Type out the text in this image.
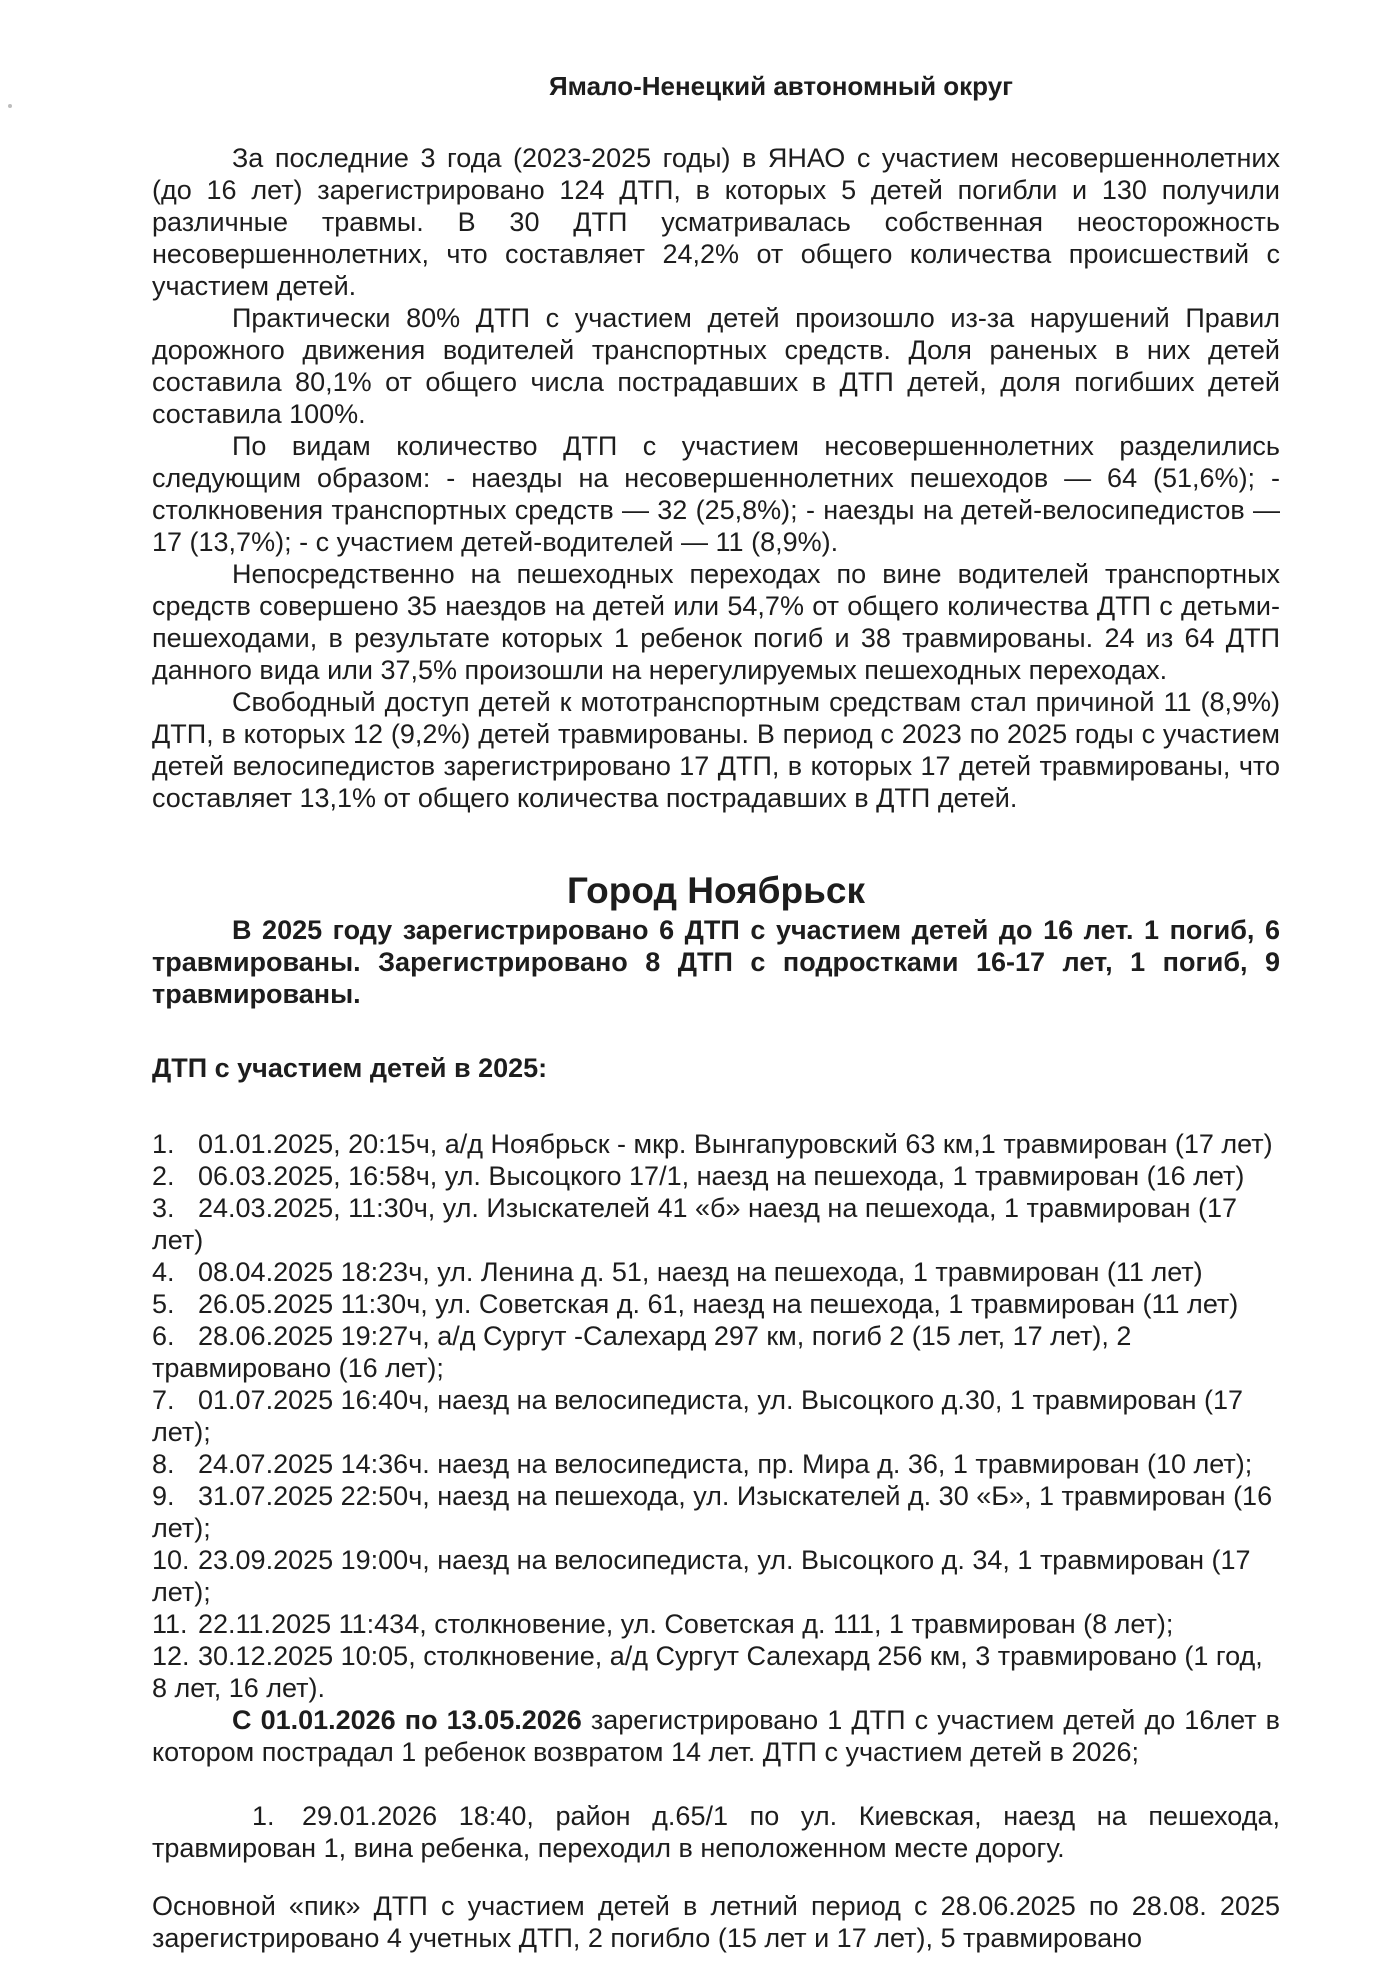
Ямало-Ненецкий автономный округ

За последние 3 года (2023-2025 годы) в ЯНАО с участием несовершеннолетних (до 16 лет) зарегистрировано 124 ДТП, в которых 5 детей погибли и 130 получили различные травмы. В 30 ДТП усматривалась собственная неосторожность несовершеннолетних, что составляет 24,2% от общего количества происшествий с участием детей.

Практически 80% ДТП с участием детей произошло из-за нарушений Правил дорожного движения водителей транспортных средств. Доля раненых в них детей составила 80,1% от общего числа пострадавших в ДТП детей, доля погибших детей составила 100%.

По видам количество ДТП с участием несовершеннолетних разделились следующим образом: - наезды на несовершеннолетних пешеходов — 64 (51,6%); - столкновения транспортных средств — 32 (25,8%); - наезды на детей-велосипедистов — 17 (13,7%); - с участием детей-водителей — 11 (8,9%).

Непосредственно на пешеходных переходах по вине водителей транспортных средств совершено 35 наездов на детей или 54,7% от общего количества ДТП с детьми-пешеходами, в результате которых 1 ребенок погиб и 38 травмированы. 24 из 64 ДТП данного вида или 37,5% произошли на нерегулируемых пешеходных переходах.

Свободный доступ детей к мототранспортным средствам стал причиной 11 (8,9%) ДТП, в которых 12 (9,2%) детей травмированы. В период с 2023 по 2025 годы с участием детей велосипедистов зарегистрировано 17 ДТП, в которых 17 детей травмированы, что составляет 13,1% от общего количества пострадавших в ДТП детей.

Город Ноябрьск

В 2025 году зарегистрировано 6 ДТП с участием детей до 16 лет. 1 погиб, 6 травмированы. Зарегистрировано 8 ДТП с подростками 16-17 лет, 1 погиб, 9 травмированы.

ДТП с участием детей в 2025:

1. 01.01.2025, 20:15ч, а/д Ноябрьск - мкр. Вынгапуровский 63 км,1 травмирован (17 лет)
2. 06.03.2025, 16:58ч, ул. Высоцкого 17/1, наезд на пешехода, 1 травмирован (16 лет)
3. 24.03.2025, 11:30ч, ул. Изыскателей 41 «б» наезд на пешехода, 1 травмирован (17 лет)
4. 08.04.2025 18:23ч, ул. Ленина д. 51, наезд на пешехода, 1 травмирован (11 лет)
5. 26.05.2025 11:30ч, ул. Советская д. 61, наезд на пешехода, 1 травмирован (11 лет)
6. 28.06.2025 19:27ч, а/д Сургут -Салехард 297 км, погиб 2 (15 лет, 17 лет), 2 травмировано (16 лет);
7. 01.07.2025 16:40ч, наезд на велосипедиста, ул. Высоцкого д.30, 1 травмирован (17 лет);
8. 24.07.2025 14:36ч. наезд на велосипедиста, пр. Мира д. 36, 1 травмирован (10 лет);
9. 31.07.2025 22:50ч, наезд на пешехода, ул. Изыскателей д. 30 «Б», 1 травмирован (16 лет);
10. 23.09.2025 19:00ч, наезд на велосипедиста, ул. Высоцкого д. 34, 1 травмирован (17 лет);
11. 22.11.2025 11:434, столкновение, ул. Советская д. 111, 1 травмирован (8 лет);
12. 30.12.2025 10:05, столкновение, а/д Сургут Салехард 256 км, 3 травмировано (1 год, 8 лет, 16 лет).

С 01.01.2026 по 13.05.2026 зарегистрировано 1 ДТП с участием детей до 16лет в котором пострадал 1 ребенок возвратом 14 лет. ДТП с участием детей в 2026;

1. 29.01.2026 18:40, район д.65/1 по ул. Киевская, наезд на пешехода, травмирован 1, вина ребенка, переходил в неположенном месте дорогу.

Основной «пик» ДТП с участием детей в летний период с 28.06.2025 по 28.08. 2025 зарегистрировано 4 учетных ДТП, 2 погибло (15 лет и 17 лет), 5 травмировано
